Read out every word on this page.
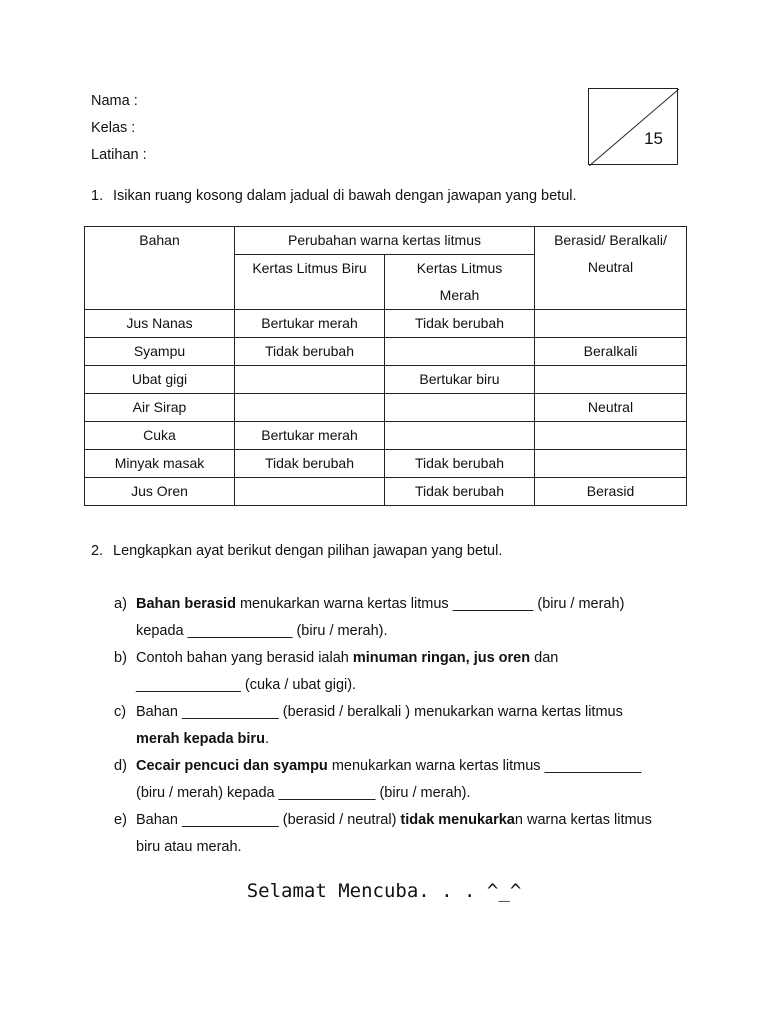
Nama :
Kelas :
Latihan :
15
1. Isikan ruang kosong dalam jadual di bawah dengan jawapan yang betul.
Bahan	Perubahan warna kertas litmus		Berasid/ Beralkali/
Neutral

	Kertas Litmus Biru	Kertas Litmus
Merah	

Jus Nanas	Bertukar merah	Tidak berubah	
Syampu	Tidak berubah		Beralkali
Ubat gigi		Bertukar biru	
Air Sirap			Neutral
Cuka	Bertukar merah		
Minyak masak	Tidak berubah	Tidak berubah	
Jus Oren		Tidak berubah	Berasid
2. Lengkapkan ayat berikut dengan pilihan jawapan yang betul.
a) Bahan berasid menukarkan warna kertas litmus __________ (biru / merah)

kepada _____________ (biru / merah).

b) Contoh bahan yang berasid ialah minuman ringan, jus oren dan

_____________ (cuka / ubat gigi).

c) Bahan ____________ (berasid / beralkali ) menukarkan warna kertas litmus

merah kepada biru.

d) Cecair pencuci dan syampu menukarkan warna kertas litmus ____________

(biru / merah) kepada ____________ (biru / merah).

e) Bahan ____________ (berasid / neutral) tidak menukarkan warna kertas litmus

biru atau merah.

Selamat Mencuba. . . ^_^
